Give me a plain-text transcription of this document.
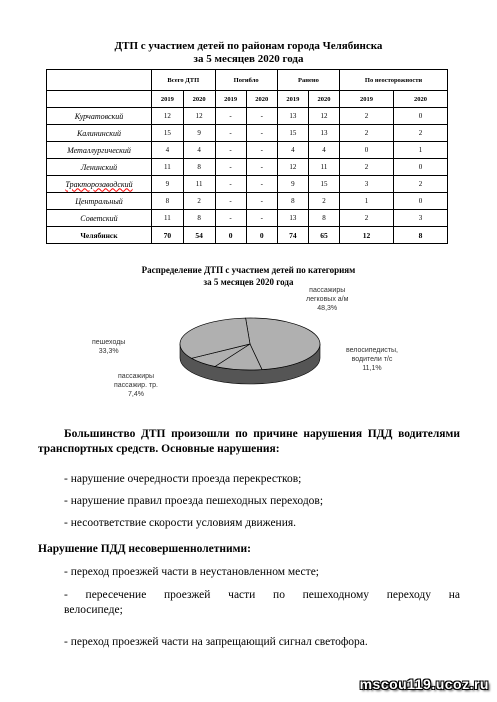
ДТП с участием детей по районам города Челябинска
за 5 месяцев 2020 года
	Всего ДТП		Погибло		Ранено		По неосторожности	
	2019	2020	2019	2020	2019	2020	2019	2020
Курчатовский	12	12	-	-	13	12	2	0
Калининский	15	9	-	-	15	13	2	2
Металлургический	4	4	-	-	4	4	0	1
Ленинский	11	8	-	-	12	11	2	0
Тракторозаводский	9	11	-	-	9	15	3	2
Центральный	8	2	-	-	8	2	1	0
Советский	11	8	-	-	13	8	2	3
Челябинск	70	54	0	0	74	65	12	8
Распределение ДТП с участием детей по категориям
за 5 месяцев 2020 года
пассажиры
легковых а/м
48,3%
велосипедисты,
водители т/с
11,1%
пассажиры
пассажир. тр.
7,4%
пешеходы
33,3%
Большинство ДТП произошли по причине нарушения ПДД водителями транспортных средств. Основные нарушения:
- нарушение очередности проезда перекрестков;
- нарушение правил проезда пешеходных переходов;
- несоответствие скорости условиям движения.
Нарушение ПДД несовершеннолетними:
- переход проезжей части в неустановленном месте;
- пересечение проезжей части по пешеходному переходу на велосипеде;
- переход проезжей части на запрещающий сигнал светофора.
mscou119.ucoz.ru
